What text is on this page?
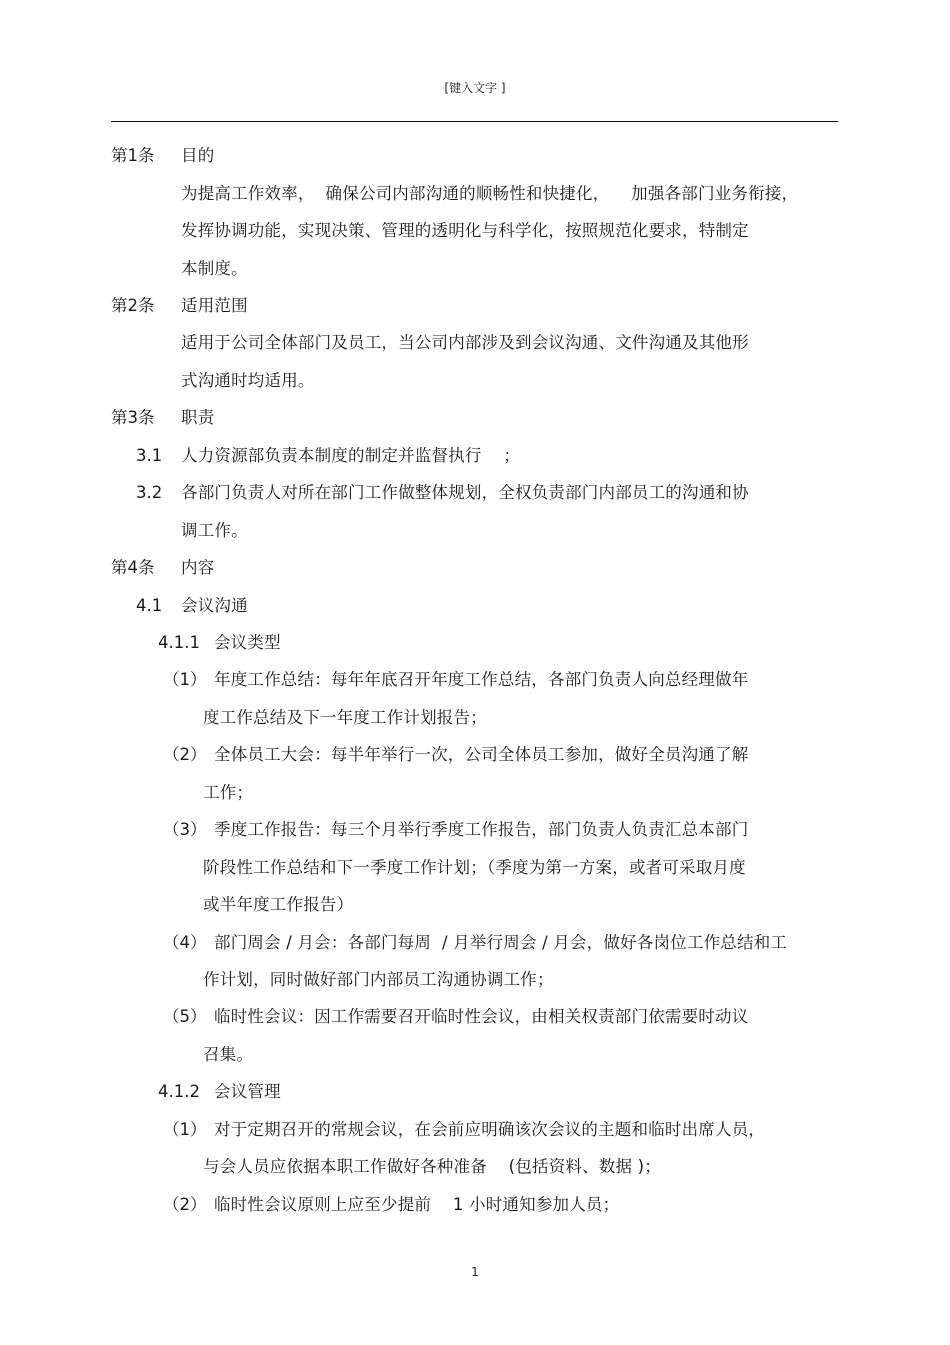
[键入文字 ]
第1条 目的
为提高工作效率，  确保公司内部沟通的顺畅性和快捷化，    加强各部门业务衔接，
发挥协调功能，实现决策、管理的透明化与科学化，按照规范化要求，特制定
本制度。
第2条 适用范围
适用于公司全体部门及员工，当公司内部涉及到会议沟通、文件沟通及其他形
式沟通时均适用。
第3条 职责
3.1 人力资源部负责本制度的制定并监督执行    ；
3.2 各部门负责人对所在部门工作做整体规划，全权负责部门内部员工的沟通和协
调工作。
第4条 内容
4.1 会议沟通
4.1.1 会议类型
（1） 年度工作总结：每年年底召开年度工作总结，各部门负责人向总经理做年
度工作总结及下一年度工作计划报告；
（2） 全体员工大会：每半年举行一次，公司全体员工参加，做好全员沟通了解
工作；
（3） 季度工作报告：每三个月举行季度工作报告，部门负责人负责汇总本部门
阶段性工作总结和下一季度工作计划；（季度为第一方案，或者可采取月度
或半年度工作报告）
（4） 部门周会 / 月会：各部门每周  / 月举行周会 / 月会，做好各岗位工作总结和工
作计划，同时做好部门内部员工沟通协调工作；
（5） 临时性会议：因工作需要召开临时性会议，由相关权责部门依需要时动议
召集。
4.1.2 会议管理
（1） 对于定期召开的常规会议，在会前应明确该次会议的主题和临时出席人员，
与会人员应依据本职工作做好各种准备    (包括资料、数据 )；
（2） 临时性会议原则上应至少提前    1 小时通知参加人员；
1
